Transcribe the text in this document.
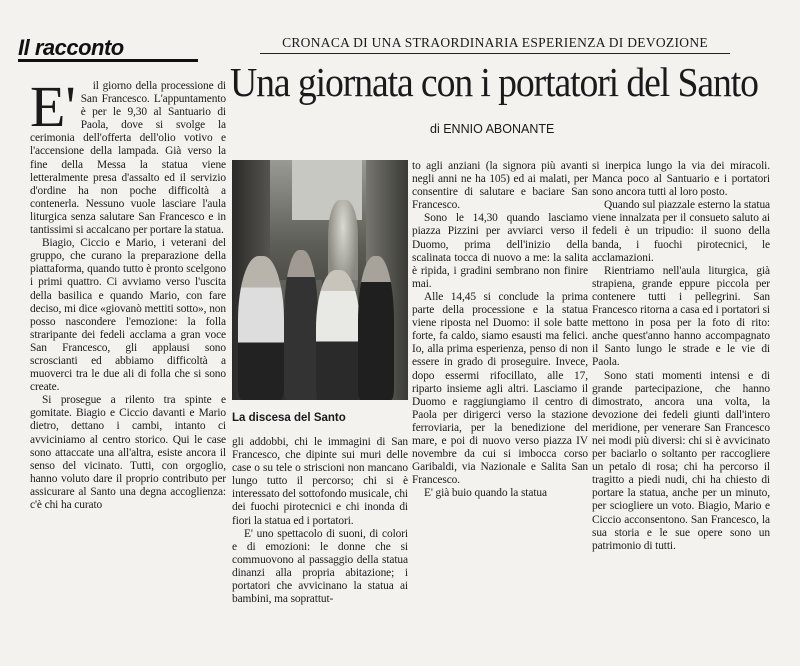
Il racconto	CRONACA DI UNA STRAORDINARIA ESPERIENZA DI DEVOZIONE
Una giornata con i portatori del Santo
di ENNIO ABONANTE
E'	il giorno della processione di San Francesco. L'appuntamento è per le 9,30 al Santuario di Paola, dove si svolge la cerimonia dell'offerta dell'olio votivo e l'accensione della lampada. Già verso la fine della Messa la statua viene letteralmente presa d'assalto ed il servizio d'ordine ha non poche difficoltà a contenerla. Nessuno vuole lasciare l'aula liturgica senza salutare San Francesco e in tantissimi si accalcano per portare la statua.

Biagio, Ciccio e Mario, i veterani del gruppo, che curano la preparazione della piattaforma, quando tutto è pronto scelgono i primi quattro. Ci avviamo verso l'uscita della basilica e quando Mario, con fare deciso, mi dice «giovanò mettiti sotto», non posso nascondere l'emozione: la folla straripante dei fedeli acclama a gran voce San Francesco, gli applausi sono scroscianti ed abbiamo difficoltà a muoverci tra le due ali di folla che si sono create.

Si prosegue a rilento tra spinte e gomitate. Biagio e Ciccio davanti e Mario dietro, dettano i cambi, intanto ci avviciniamo al centro storico. Qui le case sono attaccate una all'altra, esiste ancora il senso del vicinato. Tutti, con orgoglio, hanno voluto dare il proprio contributo per assicurare al Santo una degna accoglienza: c'è chi ha curato

La discesa del Santo

gli addobbi, chi le immagini di San Francesco, che dipinte sui muri delle case o su tele o striscioni non mancano lungo tutto il percorso; chi si è interessato del sottofondo musicale, chi dei fuochi pirotecnici e chi inonda di fiori la statua ed i portatori.

E' uno spettacolo di suoni, di colori e di emozioni: le donne che si commuovono al passaggio della statua dinanzi alla propria abitazione; i portatori che avvicinano la statua ai bambini, ma soprattut-

to agli anziani (la signora più avanti negli anni ne ha 105) ed ai malati, per consentire di salutare e baciare San Francesco.

Sono le 14,30 quando lasciamo piazza Pizzini per avviarci verso il Duomo, prima dell'inizio della scalinata tocca di nuovo a me: la salita è ripida, i gradini sembrano non finire mai.

Alle 14,45 si conclude la prima parte della processione e la statua viene riposta nel Duomo: il sole batte forte, fa caldo, siamo esausti ma felici. Io, alla prima esperienza, penso di non essere in grado di proseguire. Invece, dopo essermi rifocillato, alle 17, riparto insieme agli altri. Lasciamo il Duomo e raggiungiamo il centro di Paola per dirigerci verso la stazione ferroviaria, per la benedizione del mare, e poi di nuovo verso piazza IV novembre da cui si imbocca corso Garibaldi, via Nazionale e Salita San Francesco.

E' già buio quando la statua

si inerpica lungo la via dei miracoli. Manca poco al Santuario e i portatori sono ancora tutti al loro posto.

Quando sul piazzale esterno la statua viene innalzata per il consueto saluto ai fedeli è un tripudio: il suono della banda, i fuochi pirotecnici, le acclamazioni.

Rientriamo nell'aula liturgica, già strapiena, grande eppure piccola per contenere tutti i pellegrini. San Francesco ritorna a casa ed i portatori si mettono in posa per la foto di rito: anche quest'anno hanno accompagnato il Santo lungo le strade e le vie di Paola.

Sono stati momenti intensi e di grande partecipazione, che hanno dimostrato, ancora una volta, la devozione dei fedeli giunti dall'intero meridione, per venerare San Francesco nei modi più diversi: chi si è avvicinato per baciarlo o soltanto per raccogliere un petalo di rosa; chi ha percorso il tragitto a piedi nudi, chi ha chiesto di portare la statua, anche per un minuto, per sciogliere un voto. Biagio, Mario e Ciccio acconsentono. San Francesco, la sua storia e le sue opere sono un patrimonio di tutti.
